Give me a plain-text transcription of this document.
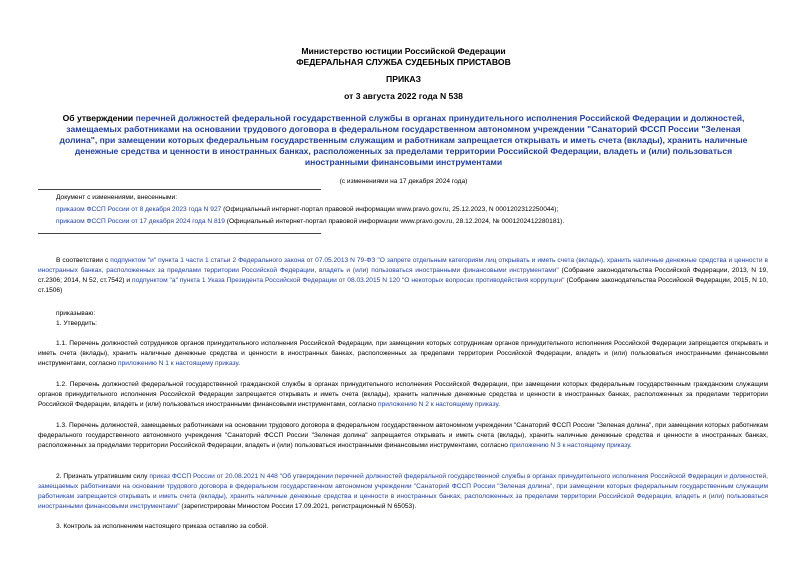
Министерство юстиции Российской Федерации
ФЕДЕРАЛЬНАЯ СЛУЖБА СУДЕБНЫХ ПРИСТАВОВ
ПРИКАЗ
от 3 августа 2022 года N 538
Об утверждении перечней должностей федеральной государственной службы в органах принудительного исполнения Российской Федерации и должностей,
замещаемых работниками на основании трудового договора в федеральном государственном автономном учреждении "Санаторий ФССП России "Зеленая
долина", при замещении которых федеральным государственным служащим и работникам запрещается открывать и иметь счета (вклады), хранить наличные
денежные средства и ценности в иностранных банках, расположенных за пределами территории Российской Федерации, владеть и (или) пользоваться
иностранными финансовыми инструментами
(с изменениями на 17 декабря 2024 года)
Документ с изменениями, внесенными:
приказом ФССП России от 8 декабря 2023 года N 927 (Официальный интернет-портал правовой информации www.pravo.gov.ru, 25.12.2023, N 0001202312250044);
приказом ФССП России от 17 декабря 2024 года N 819 (Официальный интернет-портал правовой информации www.pravo.gov.ru, 28.12.2024, № 0001202412280181).
В соответствии с подпунктом "и" пункта 1 части 1 статьи 2 Федерального закона от 07.05.2013 N 79-ФЗ "О запрете отдельным категориям лиц открывать и иметь счета (вклады), хранить наличные денежные средства и ценности в иностранных банках, расположенных за пределами территории Российской Федерации, владеть и (или) пользоваться иностранными финансовыми инструментами" (Собрание законодательства Российской Федерации, 2013, N 19, ст.2306; 2014, N 52, ст.7542) и подпунктом "а" пункта 1 Указа Президента Российской Федерации от 08.03.2015 N 120 "О некоторых вопросах противодействия коррупции" (Собрание законодательства Российской Федерации, 2015, N 10, ст.1506)
приказываю:
1. Утвердить:
1.1. Перечень должностей сотрудников органов принудительного исполнения Российской Федерации, при замещении которых сотрудникам органов принудительного исполнения Российской Федерации запрещается открывать и иметь счета (вклады), хранить наличные денежные средства и ценности в иностранных банках, расположенных за пределами территории Российской Федерации, владеть и (или) пользоваться иностранными финансовыми инструментами, согласно приложению N 1 к настоящему приказу.
1.2. Перечень должностей федеральной государственной гражданской службы в органах принудительного исполнения Российской Федерации, при замещении которых федеральным государственным гражданским служащим органов принудительного исполнения Российской Федерации запрещается открывать и иметь счета (вклады), хранить наличные денежные средства и ценности в иностранных банках, расположенных за пределами территории Российской Федерации, владеть и (или) пользоваться иностранными финансовыми инструментами, согласно приложению N 2 к настоящему приказу.
1.3. Перечень должностей, замещаемых работниками на основании трудового договора в федеральном государственном автономном учреждении "Санаторий ФССП России "Зеленая долина", при замещении которых работникам федерального государственного автономного учреждения "Санаторий ФССП России "Зеленая долина" запрещается открывать и иметь счета (вклады), хранить наличные денежные средства и ценности в иностранных банках, расположенных за пределами территории Российской Федерации, владеть и (или) пользоваться иностранными финансовыми инструментами, согласно приложению N 3 к настоящему приказу.
2. Признать утратившим силу приказ ФССП России от 20.08.2021 N 448 "Об утверждении перечней должностей федеральной государственной службы в органах принудительного исполнения Российской Федерации и должностей, замещаемых работниками на основании трудового договора в федеральном государственном автономном учреждении "Санаторий ФССП России "Зеленая долина", при замещении которых федеральным государственным служащим работникам запрещается открывать и иметь счета (вклады), хранить наличные денежные средства и ценности в иностранных банках, расположенных за пределами территории Российской Федерации, владеть и (или) пользоваться иностранными финансовыми инструментами" (зарегистрирован Минюстом России 17.09.2021, регистрационный N 65053).
3. Контроль за исполнением настоящего приказа оставляю за собой.
